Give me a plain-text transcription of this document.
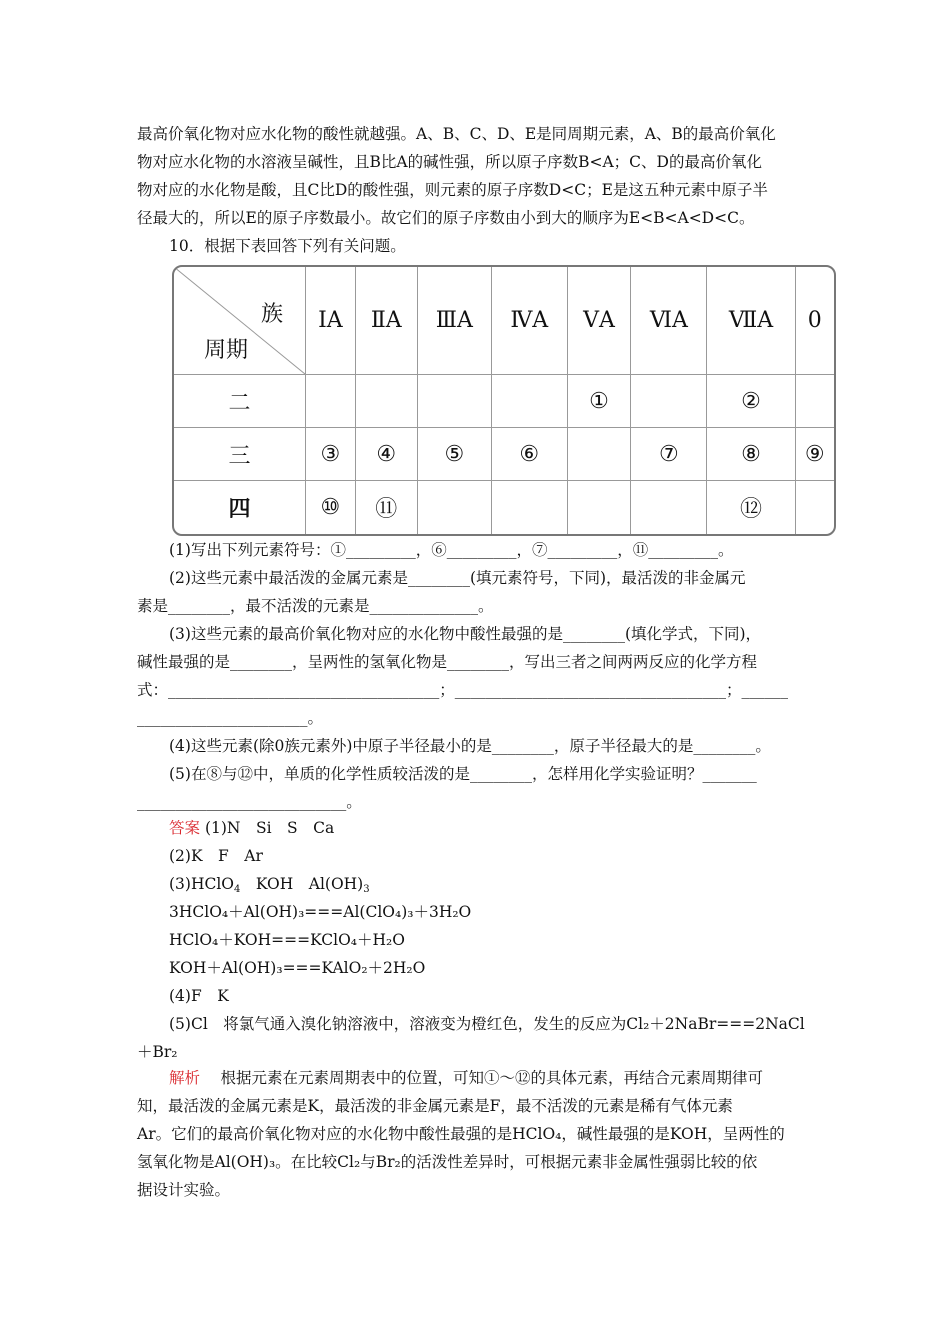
最高价氧化物对应水化物的酸性就越强。A、B、C、D、E是同周期元素，A、B的最高价氧化
物对应水化物的水溶液呈碱性，且B比A的碱性强，所以原子序数B<A；C、D的最高价氧化
物对应的水化物是酸，且C比D的酸性强，则元素的原子序数D<C；E是这五种元素中原子半
径最大的，所以E的原子序数最小。故它们的原子序数由小到大的顺序为E<B<A<D<C。
10．根据下表回答下列有关问题。
族
周期	ⅠA	ⅡA	ⅢA	ⅣA	ⅤA	ⅥA	ⅦA	0
二					①		②	
三	③	④	⑤	⑥		⑦	⑧	⑨
四	⑩	⑪					⑫	
(1)写出下列元素符号：①_________，⑥_________，⑦_________，⑪_________。
(2)这些元素中最活泼的金属元素是________(填元素符号，下同)，最活泼的非金属元
素是________，最不活泼的元素是______________。
(3)这些元素的最高价氧化物对应的水化物中酸性最强的是________(填化学式，下同)，
碱性最强的是________，呈两性的氢氧化物是________，写出三者之间两两反应的化学方程
式：___________________________________；___________________________________；______
______________________。
(4)这些元素(除0族元素外)中原子半径最小的是________，原子半径最大的是________。
(5)在⑧与⑫中，单质的化学性质较活泼的是________，怎样用化学实验证明？_______
___________________________。
答案 (1)N　Si　S　Ca
(2)K　F　Ar
(3)HClO$_4$　KOH　$Al(OH)_3$
3HClO₄＋Al(OH)₃===Al(ClO₄)₃＋3H₂O
HClO₄＋KOH===KClO₄＋H₂O
KOH＋Al(OH)₃===KAlO₂＋2H₂O
(4)F　K
(5)Cl　将氯气通入溴化钠溶液中，溶液变为橙红色，发生的反应为Cl₂＋2NaBr===2NaCl
＋Br₂
解析　 根据元素在元素周期表中的位置，可知①～⑫的具体元素，再结合元素周期律可
知，最活泼的金属元素是K，最活泼的非金属元素是F，最不活泼的元素是稀有气体元素
Ar。它们的最高价氧化物对应的水化物中酸性最强的是HClO₄，碱性最强的是KOH，呈两性的
氢氧化物是Al(OH)₃。在比较Cl₂与Br₂的活泼性差异时，可根据元素非金属性强弱比较的依
据设计实验。
